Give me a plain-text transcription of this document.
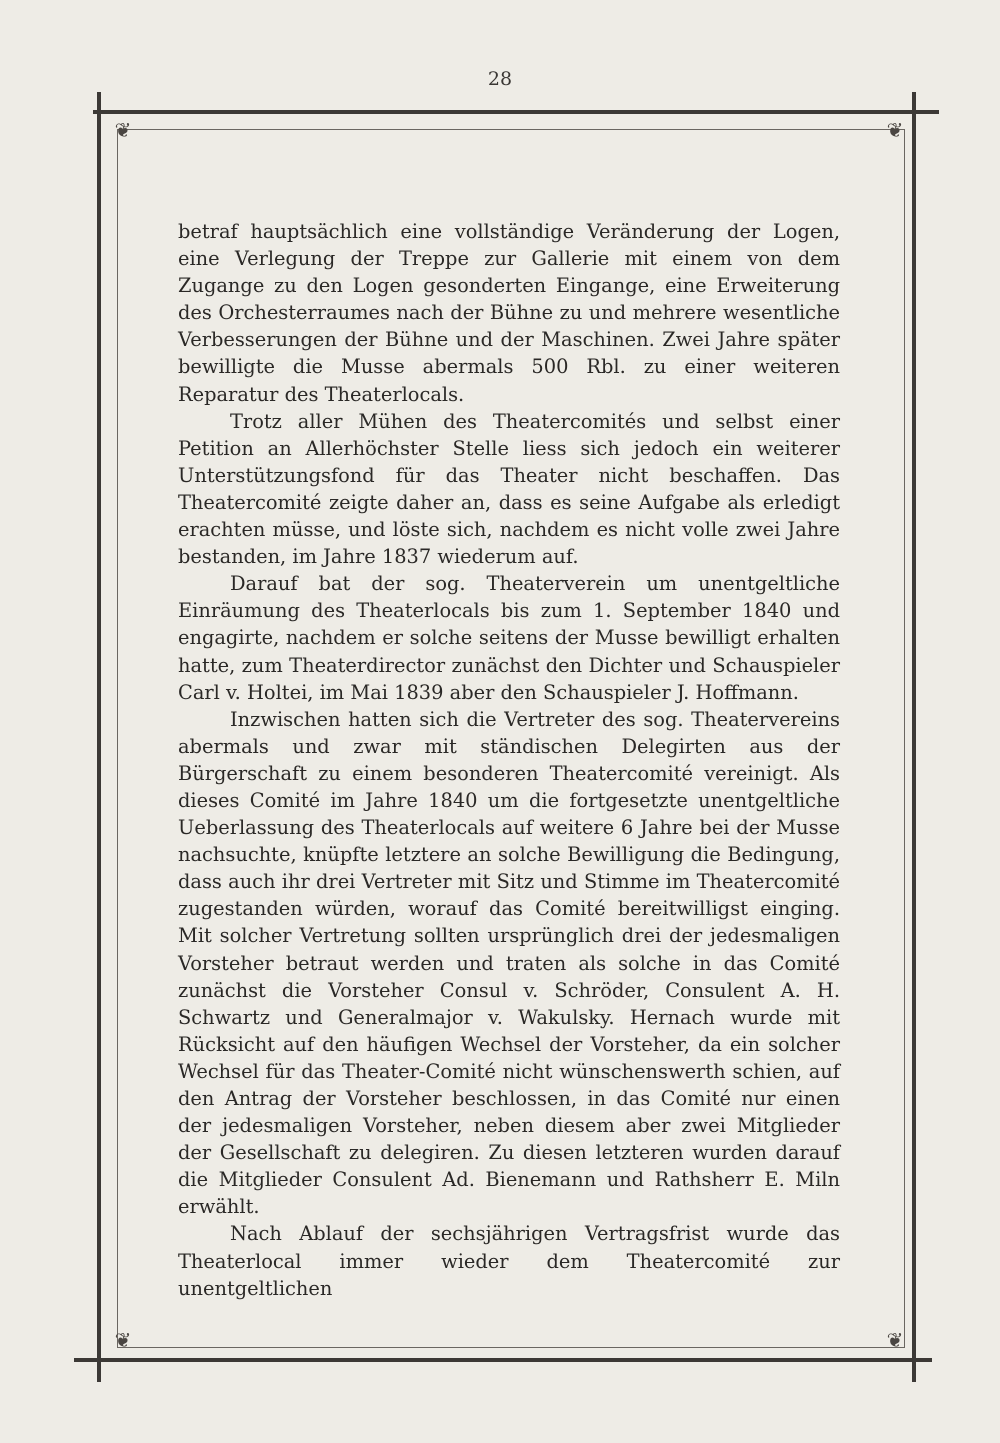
28
❦	❦
❦	❦

betraf hauptsächlich eine vollständige Veränderung der Logen, eine Verlegung der Treppe zur Gallerie mit einem von dem Zugange zu den Logen gesonderten Eingange, eine Erweiterung des Orchesterraumes nach der Bühne zu und mehrere wesentliche Verbesserungen der Bühne und der Maschinen. Zwei Jahre später bewilligte die Musse abermals 500 Rbl. zu einer weiteren Reparatur des Theaterlocals.

Trotz aller Mühen des Theatercomités und selbst einer Petition an Allerhöchster Stelle liess sich jedoch ein weiterer Unterstützungsfond für das Theater nicht beschaffen. Das Theatercomité zeigte daher an, dass es seine Aufgabe als erledigt erachten müsse, und löste sich, nachdem es nicht volle zwei Jahre bestanden, im Jahre 1837 wiederum auf.

Darauf bat der sog. Theaterverein um unentgeltliche Einräumung des Theaterlocals bis zum 1. September 1840 und engagirte, nachdem er solche seitens der Musse bewilligt erhalten hatte, zum Theaterdirector zunächst den Dichter und Schauspieler Carl v. Holtei, im Mai 1839 aber den Schauspieler J. Hoffmann.

Inzwischen hatten sich die Vertreter des sog. Theatervereins abermals und zwar mit ständischen Delegirten aus der Bürgerschaft zu einem besonderen Theatercomité vereinigt. Als dieses Comité im Jahre 1840 um die fortgesetzte unentgeltliche Ueberlassung des Theaterlocals auf weitere 6 Jahre bei der Musse nachsuchte, knüpfte letztere an solche Bewilligung die Bedingung, dass auch ihr drei Vertreter mit Sitz und Stimme im Theatercomité zugestanden würden, worauf das Comité bereitwilligst einging. Mit solcher Vertretung sollten ursprünglich drei der jedesmaligen Vorsteher betraut werden und traten als solche in das Comité zunächst die Vorsteher Consul v. Schröder, Consulent A. H. Schwartz und Generalmajor v. Wakulsky. Hernach wurde mit Rücksicht auf den häufigen Wechsel der Vorsteher, da ein solcher Wechsel für das Theater-Comité nicht wünschenswerth schien, auf den Antrag der Vorsteher beschlossen, in das Comité nur einen der jedesmaligen Vorsteher, neben diesem aber zwei Mitglieder der Gesellschaft zu delegiren. Zu diesen letzteren wurden darauf die Mitglieder Consulent Ad. Bienemann und Rathsherr E. Miln erwählt.

Nach Ablauf der sechsjährigen Vertragsfrist wurde das Theaterlocal immer wieder dem Theatercomité zur unentgeltlichen
